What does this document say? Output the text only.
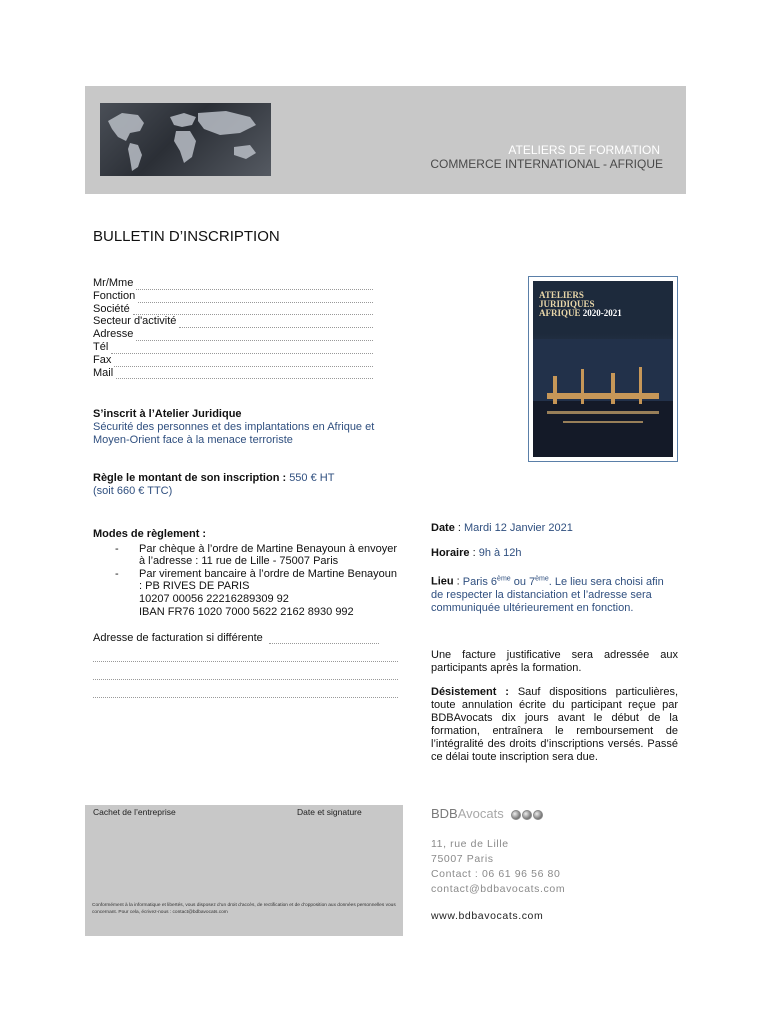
ATELIERS DE FORMATION
COMMERCE INTERNATIONAL - AFRIQUE
BULLETIN D’INSCRIPTION
Mr/Mme
Fonction
Société
Secteur d'activité
Adresse
Tél
Fax
Mail
S’inscrit à l’Atelier Juridique
Sécurité des personnes et des implantations en Afrique et Moyen-Orient face à la menace terroriste
Règle le montant de son inscription : 550 € HT
(soit 660 € TTC)
Modes de règlement :
- Par chèque à l’ordre de Martine Benayoun à envoyer à l’adresse : 11 rue de Lille - 75007 Paris
- Par virement bancaire à l’ordre de Martine Benayoun : PB RIVES DE PARIS
10207 00056 22216289309 92
IBAN FR76 1020 7000 5622 2162 8930 992
Adresse de facturation si différente
ATELIERS
JURIDIQUES
AFRIQUE 2020-2021
Date : Mardi 12 Janvier 2021
Horaire : 9h à 12h
Lieu : Paris 6ème ou 7ème. Le lieu sera choisi afin de respecter la distanciation et l’adresse sera communiquée ultérieurement en fonction.
Une facture justificative sera adressée aux participants après la formation.
Désistement : Sauf dispositions particulières, toute annulation écrite du participant reçue par BDBAvocats dix jours avant le début de la formation, entraînera le remboursement de l’intégralité des droits d’inscriptions versés. Passé ce délai toute inscription sera due.
Cachet de l’entreprise	Date et signature
Conformément à la informatique et libertés, vous disposez d’un droit d’accès, de rectification et de d’opposition aux données personnelles vous concernant. Pour cela, écrivez-nous : contact@bdbavocats.com
BDBAvocats
11, rue de Lille
75007 Paris
Contact : 06 61 96 56 80
contact@bdbavocats.com
www.bdbavocats.com
